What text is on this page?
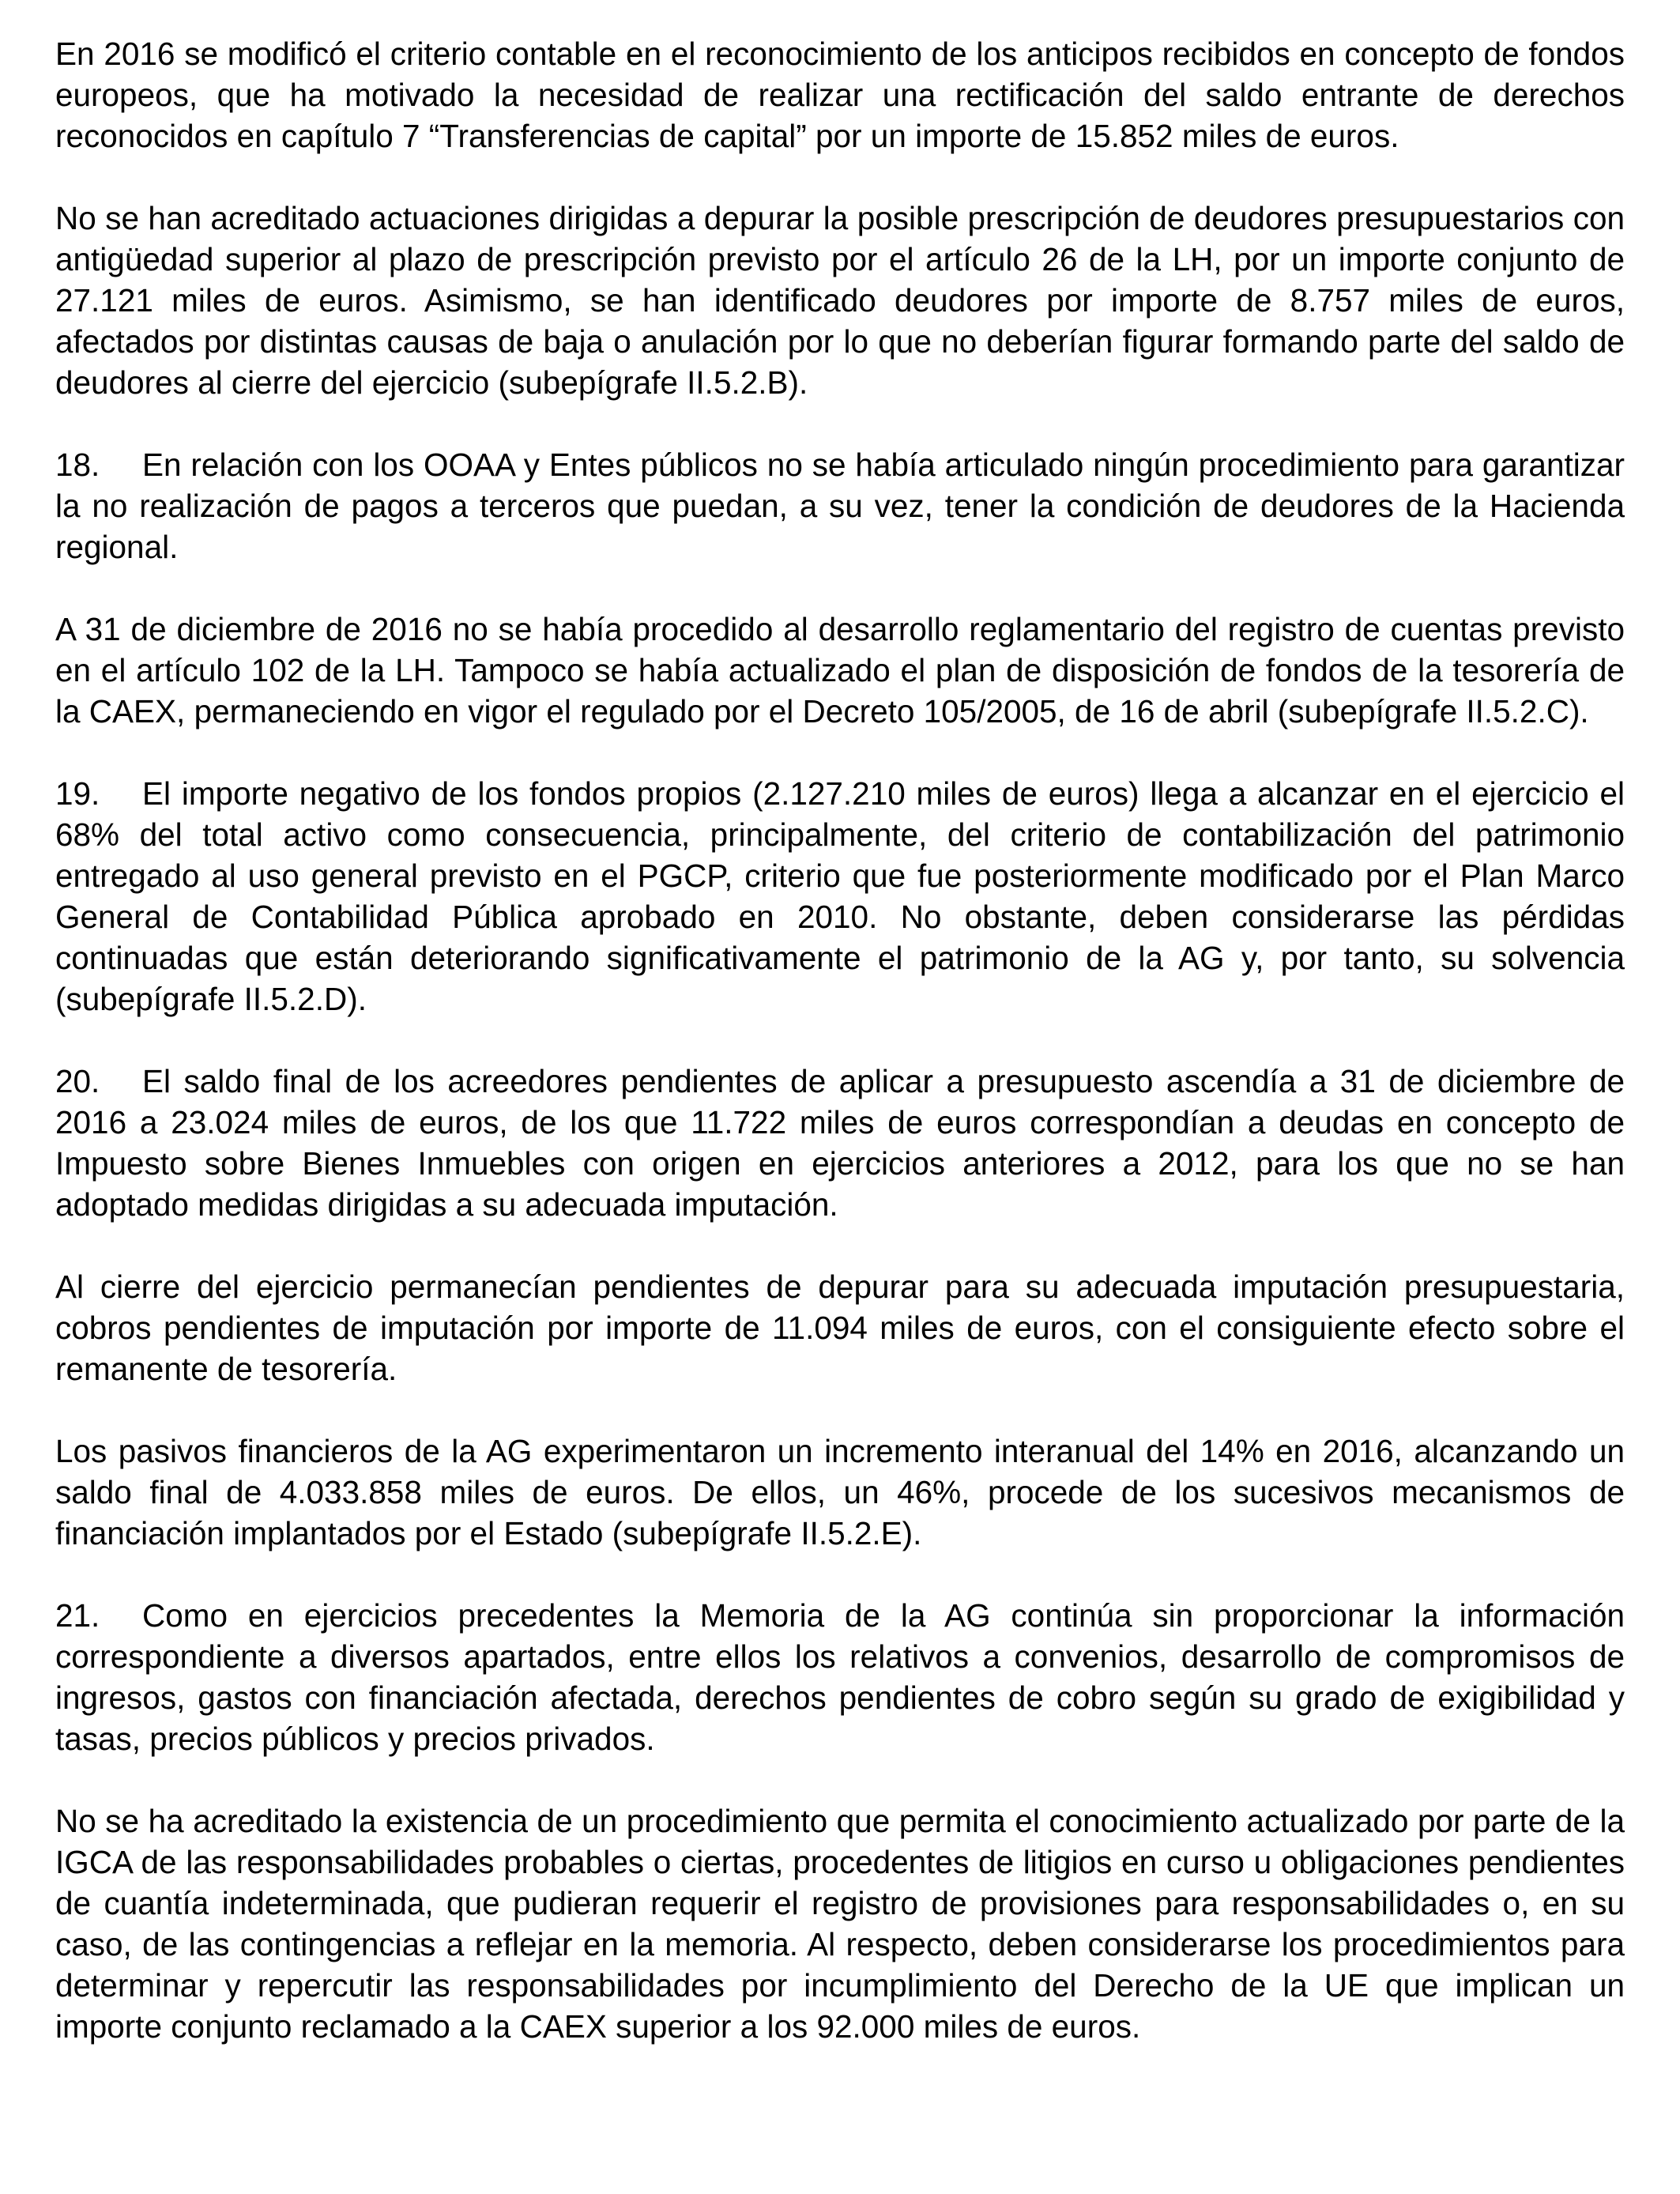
En 2016 se modificó el criterio contable en el reconocimiento de los anticipos recibidos en concepto de fondos europeos, que ha motivado la necesidad de realizar una rectificación del saldo entrante de derechos reconocidos en capítulo 7 “Transferencias de capital” por un importe de 15.852 miles de euros.

No se han acreditado actuaciones dirigidas a depurar la posible prescripción de deudores presupuestarios con antigüedad superior al plazo de prescripción previsto por el artículo 26 de la LH, por un importe conjunto de 27.121 miles de euros. Asimismo, se han identificado deudores por importe de 8.757 miles de euros, afectados por distintas causas de baja o anulación por lo que no deberían figurar formando parte del saldo de deudores al cierre del ejercicio (subepígrafe II.5.2.B).

18. En relación con los OOAA y Entes públicos no se había articulado ningún procedimiento para garantizar la no realización de pagos a terceros que puedan, a su vez, tener la condición de deudores de la Hacienda regional.

A 31 de diciembre de 2016 no se había procedido al desarrollo reglamentario del registro de cuentas previsto en el artículo 102 de la LH. Tampoco se había actualizado el plan de disposición de fondos de la tesorería de la CAEX, permaneciendo en vigor el regulado por el Decreto 105/2005, de 16 de abril (subepígrafe II.5.2.C).

19. El importe negativo de los fondos propios (2.127.210 miles de euros) llega a alcanzar en el ejercicio el 68% del total activo como consecuencia, principalmente, del criterio de contabilización del patrimonio entregado al uso general previsto en el PGCP, criterio que fue posteriormente modificado por el Plan Marco General de Contabilidad Pública aprobado en 2010. No obstante, deben considerarse las pérdidas continuadas que están deteriorando significativamente el patrimonio de la AG y, por tanto, su solvencia (subepígrafe II.5.2.D).

20. El saldo final de los acreedores pendientes de aplicar a presupuesto ascendía a 31 de diciembre de 2016 a 23.024 miles de euros, de los que 11.722 miles de euros correspondían a deudas en concepto de Impuesto sobre Bienes Inmuebles con origen en ejercicios anteriores a 2012, para los que no se han adoptado medidas dirigidas a su adecuada imputación.

Al cierre del ejercicio permanecían pendientes de depurar para su adecuada imputación presupuestaria, cobros pendientes de imputación por importe de 11.094 miles de euros, con el consiguiente efecto sobre el remanente de tesorería.

Los pasivos financieros de la AG experimentaron un incremento interanual del 14% en 2016, alcanzando un saldo final de 4.033.858 miles de euros. De ellos, un 46%, procede de los sucesivos mecanismos de financiación implantados por el Estado (subepígrafe II.5.2.E).

21. Como en ejercicios precedentes la Memoria de la AG continúa sin proporcionar la información correspondiente a diversos apartados, entre ellos los relativos a convenios, desarrollo de compromisos de ingresos, gastos con financiación afectada, derechos pendientes de cobro según su grado de exigibilidad y tasas, precios públicos y precios privados.

No se ha acreditado la existencia de un procedimiento que permita el conocimiento actualizado por parte de la IGCA de las responsabilidades probables o ciertas, procedentes de litigios en curso u obligaciones pendientes de cuantía indeterminada, que pudieran requerir el registro de provisiones para responsabilidades o, en su caso, de las contingencias a reflejar en la memoria. Al respecto, deben considerarse los procedimientos para determinar y repercutir las responsabilidades por incumplimiento del Derecho de la UE que implican un importe conjunto reclamado a la CAEX superior a los 92.000 miles de euros.
